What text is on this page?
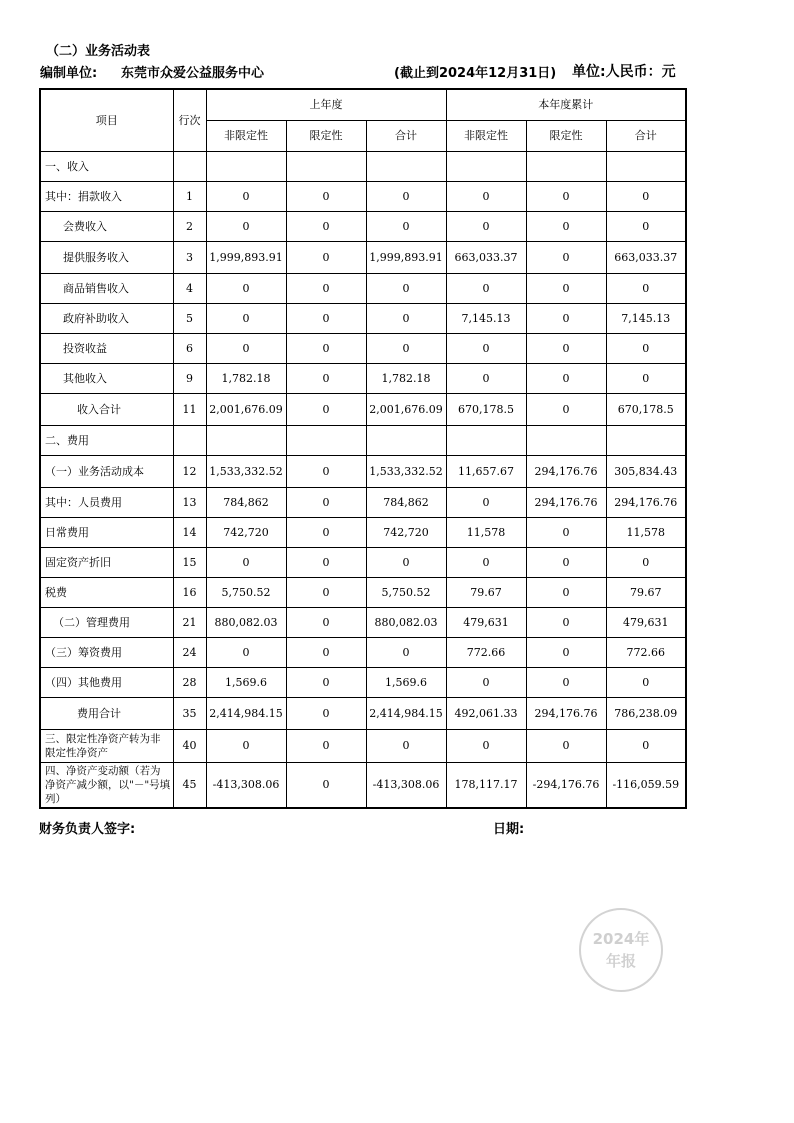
（二）业务活动表
编制单位: 东莞市众爱公益服务中心	(截止到2024年12月31日) 单位:人民币：元
项目	行次	上年度			本年度累计		
		非限定性	限定性	合计	非限定性	限定性	合计
一、收入							
其中：捐款收入	1	0	0	0	0	0	0
会费收入	2	0	0	0	0	0	0
提供服务收入	3	1,999,893.91	0	1,999,893.91	663,033.37	0	663,033.37
商品销售收入	4	0	0	0	0	0	0
政府补助收入	5	0	0	0	7,145.13	0	7,145.13
投资收益	6	0	0	0	0	0	0
其他收入	9	1,782.18	0	1,782.18	0	0	0
收入合计	11	2,001,676.09	0	2,001,676.09	670,178.5	0	670,178.5
二、费用							
（一）业务活动成本	12	1,533,332.52	0	1,533,332.52	11,657.67	294,176.76	305,834.43
其中：人员费用	13	784,862	0	784,862	0	294,176.76	294,176.76
日常费用	14	742,720	0	742,720	11,578	0	11,578
固定资产折旧	15	0	0	0	0	0	0
税费	16	5,750.52	0	5,750.52	79.67	0	79.67
（二）管理费用	21	880,082.03	0	880,082.03	479,631	0	479,631
（三）筹资费用	24	0	0	0	772.66	0	772.66
（四）其他费用	28	1,569.6	0	1,569.6	0	0	0
费用合计	35	2,414,984.15	0	2,414,984.15	492,061.33	294,176.76	786,238.09
三、限定性净资产转为非限定性净资产	40	0	0	0	0	0	0
四、净资产变动额（若为净资产减少额，以"－"号填列）	45	-413,308.06	0	-413,308.06	178,117.17	-294,176.76	-116,059.59
财务负责人签字:	日期:
2024年
年报
